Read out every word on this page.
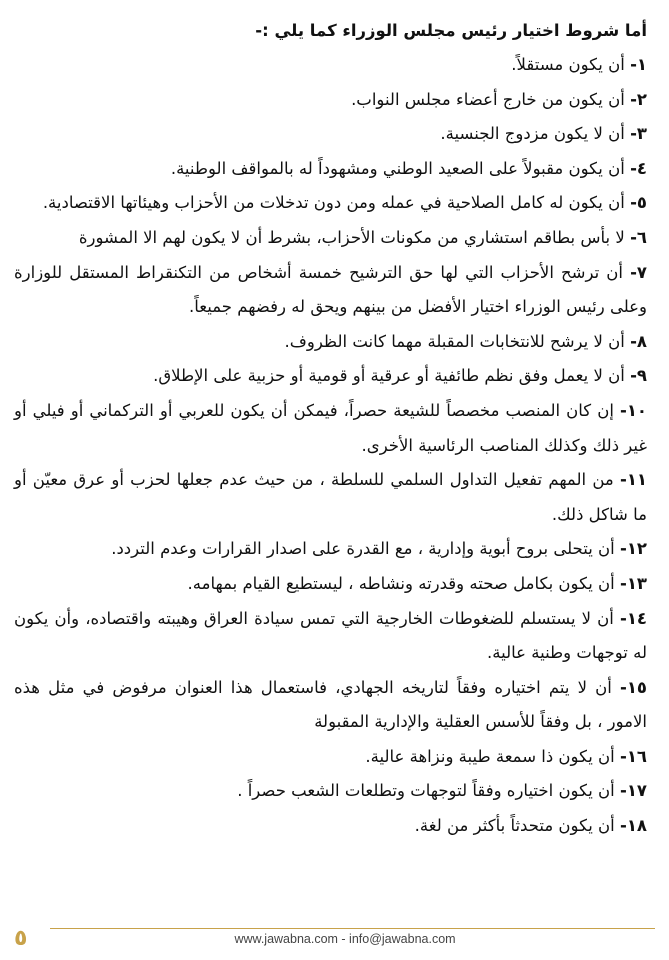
أما شروط اختيار رئيس مجلس الوزراء كما يلي :-

١- أن يكون مستقلاً.

٢- أن يكون من خارج أعضاء مجلس النواب.

٣- أن لا يكون مزدوج الجنسية.

٤- أن يكون مقبولاً على الصعيد الوطني ومشهوداً له بالمواقف الوطنية.

٥- أن يكون له كامل الصلاحية في عمله ومن دون تدخلات من الأحزاب وهيئاتها الاقتصادية.

٦- لا بأس بطاقم استشاري من مكونات الأحزاب، بشرط أن لا يكون لهم الا المشورة

٧- أن ترشح الأحزاب التي لها حق الترشيح خمسة أشخاص من التكنقراط المستقل للوزارة وعلى رئيس الوزراء اختيار الأفضل من بينهم ويحق له رفضهم جميعاً.

٨- أن لا يرشح للانتخابات المقبلة مهما كانت الظروف.

٩- أن لا يعمل وفق نظم طائفية أو عرقية أو قومية أو حزبية على الإطلاق.

١٠- إن كان المنصب مخصصاً للشيعة حصراً، فيمكن أن يكون للعربي أو التركماني أو فيلي أو غير ذلك وكذلك المناصب الرئاسية الأخرى.

١١- من المهم تفعيل التداول السلمي للسلطة ، من حيث عدم جعلها لحزب أو عرق معيّن أو ما شاكل ذلك.

١٢- أن يتحلى بروح أبوية وإدارية ، مع القدرة على اصدار القرارات وعدم التردد.

١٣- أن يكون بكامل صحته وقدرته ونشاطه ، ليستطيع القيام بمهامه.

١٤- أن لا يستسلم للضغوطات الخارجية التي تمس سيادة العراق وهيبته واقتصاده، وأن يكون له توجهات وطنية عالية.

١٥- أن لا يتم اختياره وفقاً لتاريخه الجهادي، فاستعمال هذا العنوان مرفوض في مثل هذه الامور ، بل وفقاً للأسس العقلية والإدارية المقبولة

١٦- أن يكون ذا سمعة طيبة ونزاهة عالية.

١٧- أن يكون اختياره وفقاً لتوجهات وتطلعات الشعب حصراً .

١٨- أن يكون متحدثاً بأكثر من لغة.

٥	www.jawabna.com - info@jawabna.com
